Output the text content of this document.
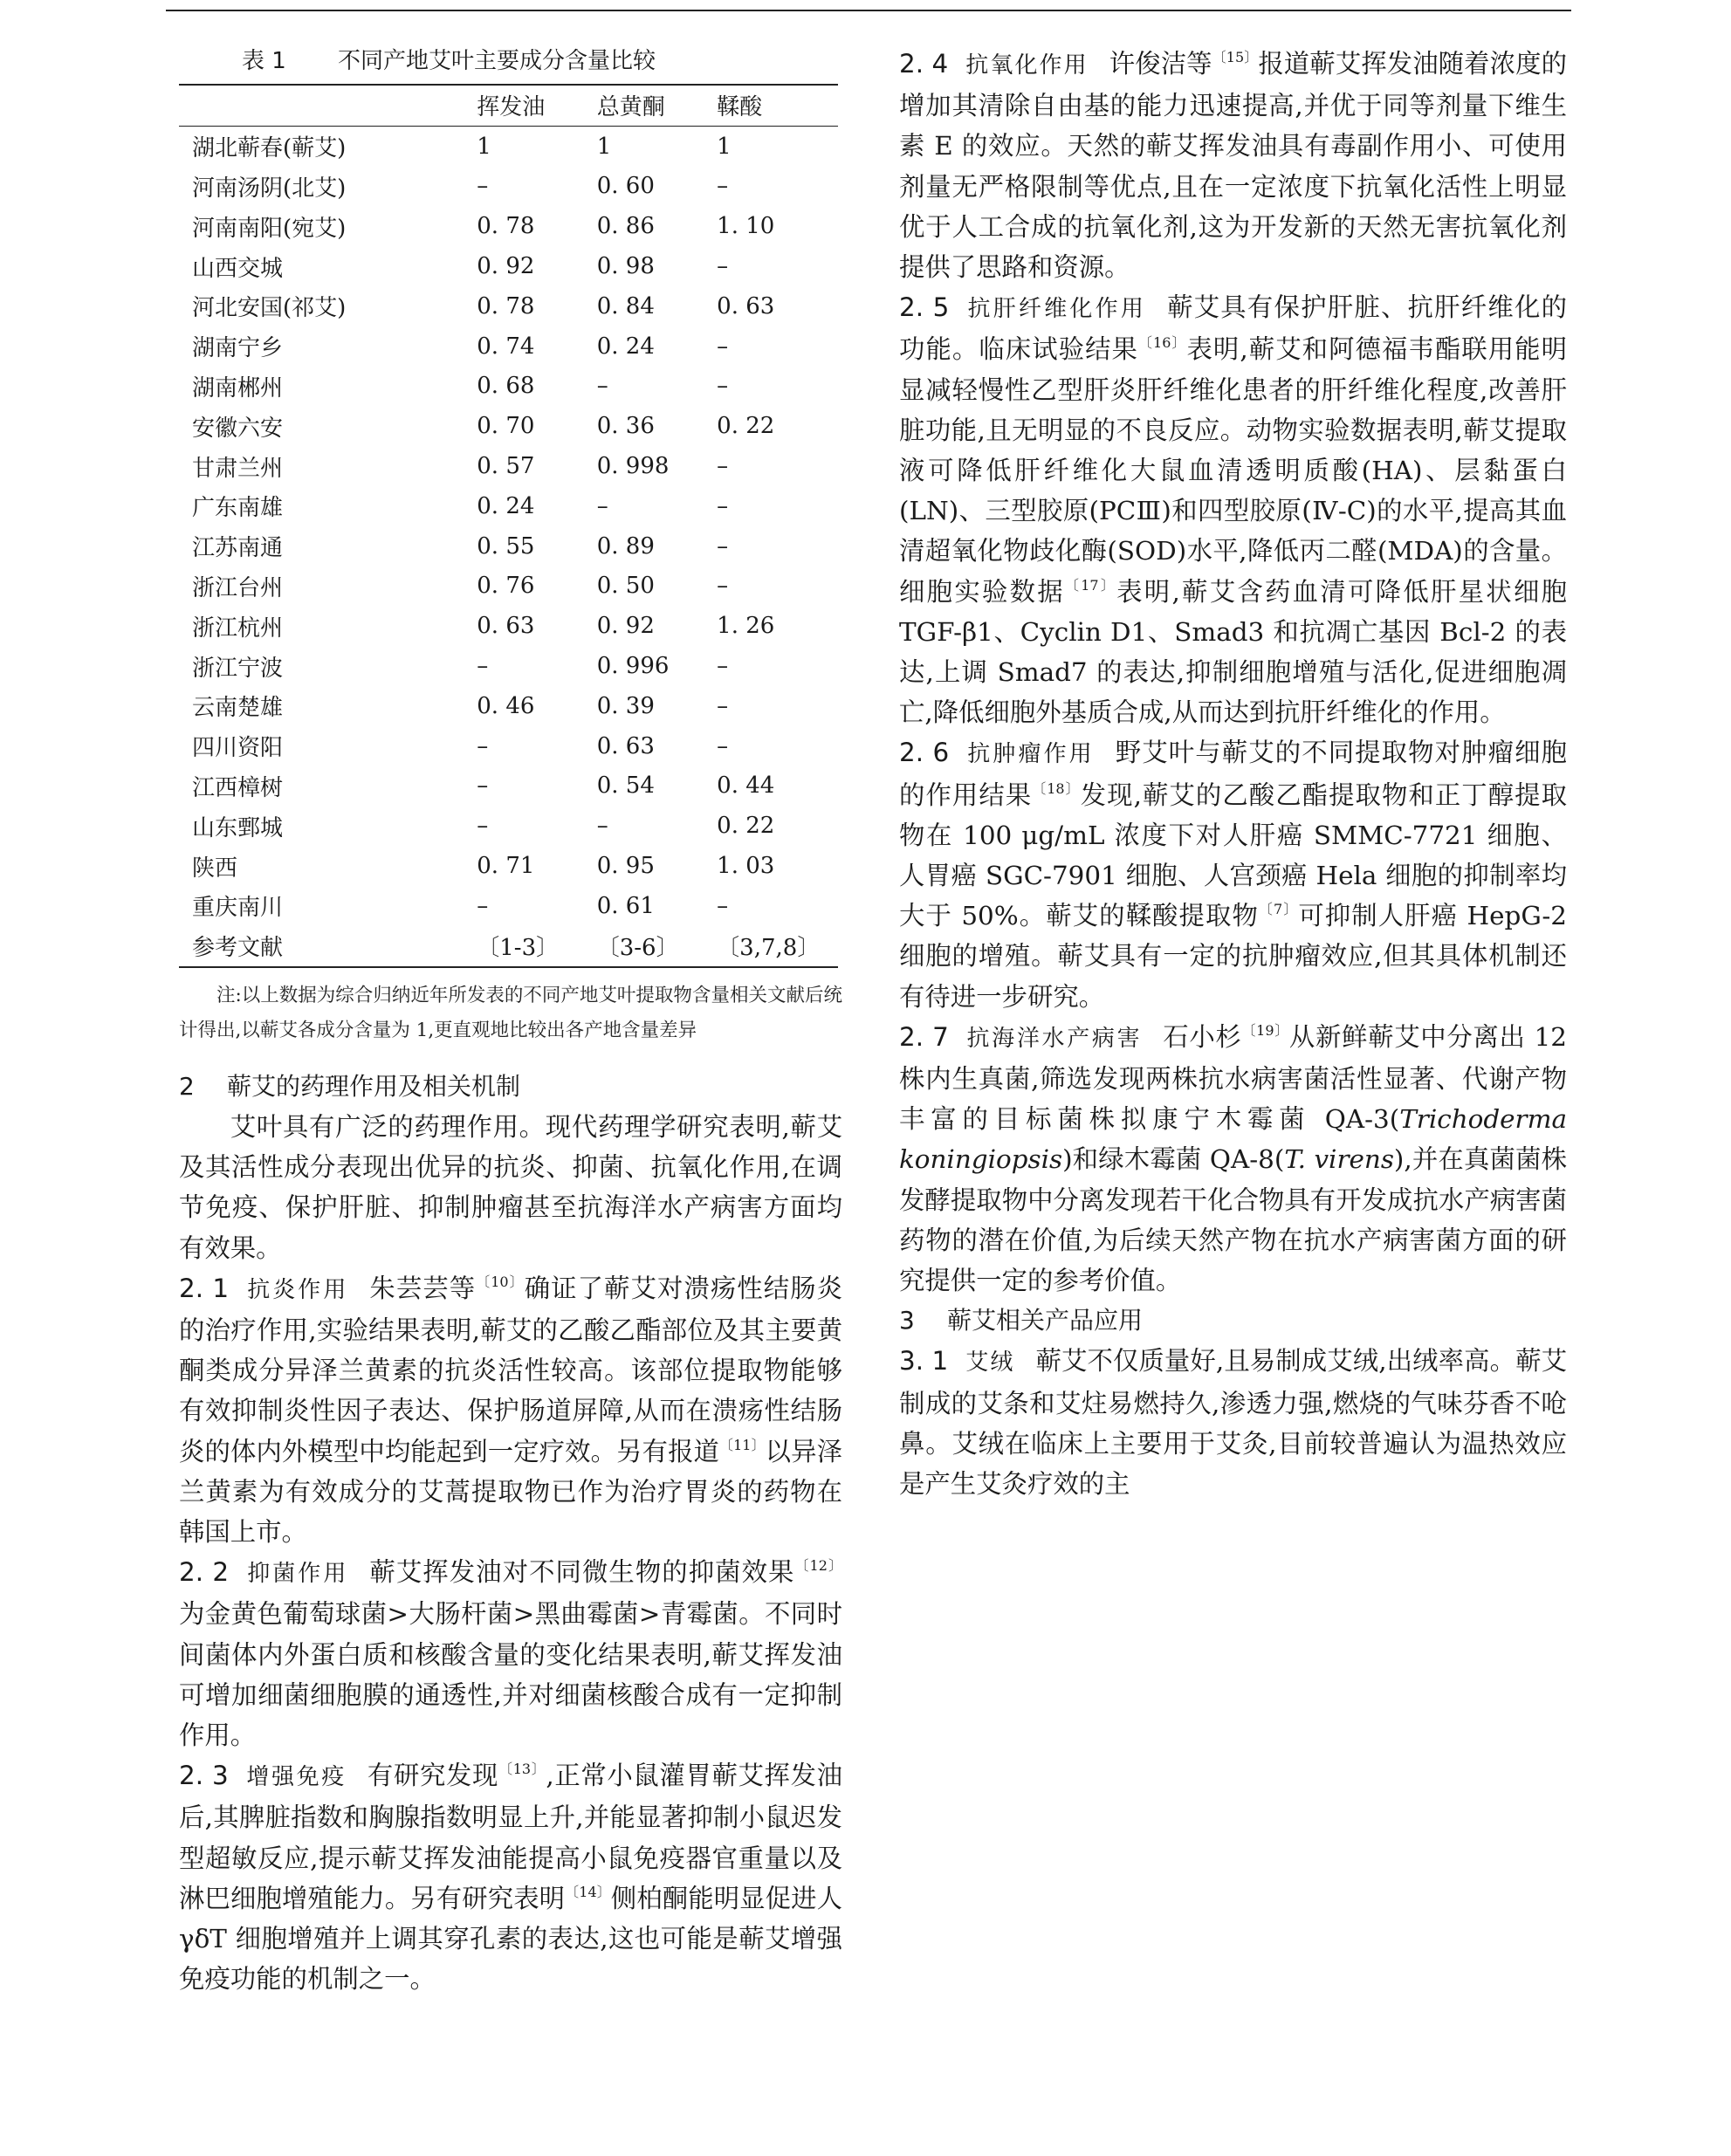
表 1 不同产地艾叶主要成分含量比较
	挥发油	总黄酮	鞣酸
湖北蕲春(蕲艾)	1	1	1
河南汤阴(北艾)	–	0. 60	–
河南南阳(宛艾)	0. 78	0. 86	1. 10
山西交城	0. 92	0. 98	–
河北安国(祁艾)	0. 78	0. 84	0. 63
湖南宁乡	0. 74	0. 24	–
湖南郴州	0. 68	–	–
安徽六安	0. 70	0. 36	0. 22
甘肃兰州	0. 57	0. 998	–
广东南雄	0. 24	–	–
江苏南通	0. 55	0. 89	–
浙江台州	0. 76	0. 50	–
浙江杭州	0. 63	0. 92	1. 26
浙江宁波	–	0. 996	–
云南楚雄	0. 46	0. 39	–
四川资阳	–	0. 63	–
江西樟树	–	0. 54	0. 44
山东鄄城	–	–	0. 22
陕西	0. 71	0. 95	1. 03
重庆南川	–	0. 61	–
参考文献	〔1-3〕	〔3-6〕	〔3,7,8〕

注:以上数据为综合归纳近年所发表的不同产地艾叶提取物含量相关文献后统计得出,以蕲艾各成分含量为 1,更直观地比较出各产地含量差异

2 蕲艾的药理作用及相关机制

艾叶具有广泛的药理作用。现代药理学研究表明,蕲艾及其活性成分表现出优异的抗炎、抑菌、抗氧化作用,在调节免疫、保护肝脏、抑制肿瘤甚至抗海洋水产病害方面均有效果。

2. 1 抗炎作用 朱芸芸等$^{〔10〕}$确证了蕲艾对溃疡性结肠炎的治疗作用,实验结果表明,蕲艾的乙酸乙酯部位及其主要黄酮类成分异泽兰黄素的抗炎活性较高。该部位提取物能够有效抑制炎性因子表达、保护肠道屏障,从而在溃疡性结肠炎的体内外模型中均能起到一定疗效。另有报道$^{〔11〕}$以异泽兰黄素为有效成分的艾蒿提取物已作为治疗胃炎的药物在韩国上市。

2. 2 抑菌作用 蕲艾挥发油对不同微生物的抑菌效果$^{〔12〕}$为金黄色葡萄球菌>大肠杆菌>黑曲霉菌>青霉菌。不同时间菌体内外蛋白质和核酸含量的变化结果表明,蕲艾挥发油可增加细菌细胞膜的通透性,并对细菌核酸合成有一定抑制作用。

2. 3 增强免疫 有研究发现$^{〔13〕}$,正常小鼠灌胃蕲艾挥发油后,其脾脏指数和胸腺指数明显上升,并能显著抑制小鼠迟发型超敏反应,提示蕲艾挥发油能提高小鼠免疫器官重量以及淋巴细胞增殖能力。另有研究表明$^{〔14〕}$侧柏酮能明显促进人 γδT 细胞增殖并上调其穿孔素的表达,这也可能是蕲艾增强免疫功能的机制之一。

2. 4 抗氧化作用 许俊洁等$^{〔15〕}$报道蕲艾挥发油随着浓度的增加其清除自由基的能力迅速提高,并优于同等剂量下维生素 E 的效应。天然的蕲艾挥发油具有毒副作用小、可使用剂量无严格限制等优点,且在一定浓度下抗氧化活性上明显优于人工合成的抗氧化剂,这为开发新的天然无害抗氧化剂提供了思路和资源。

2. 5 抗肝纤维化作用 蕲艾具有保护肝脏、抗肝纤维化的功能。临床试验结果$^{〔16〕}$表明,蕲艾和阿德福韦酯联用能明显减轻慢性乙型肝炎肝纤维化患者的肝纤维化程度,改善肝脏功能,且无明显的不良反应。动物实验数据表明,蕲艾提取液可降低肝纤维化大鼠血清透明质酸(HA)、层黏蛋白(LN)、三型胶原(PCⅢ)和四型胶原(Ⅳ-C)的水平,提高其血清超氧化物歧化酶(SOD)水平,降低丙二醛(MDA)的含量。细胞实验数据$^{〔17〕}$表明,蕲艾含药血清可降低肝星状细胞 TGF-β1、Cyclin D1、Smad3 和抗凋亡基因 Bcl-2 的表达,上调 Smad7 的表达,抑制细胞增殖与活化,促进细胞凋亡,降低细胞外基质合成,从而达到抗肝纤维化的作用。

2. 6 抗肿瘤作用 野艾叶与蕲艾的不同提取物对肿瘤细胞的作用结果$^{〔18〕}$发现,蕲艾的乙酸乙酯提取物和正丁醇提取物在 100 μg/mL 浓度下对人肝癌 SMMC-7721 细胞、人胃癌 SGC-7901 细胞、人宫颈癌 Hela 细胞的抑制率均大于 50%。蕲艾的鞣酸提取物$^{〔7〕}$可抑制人肝癌 HepG-2 细胞的增殖。蕲艾具有一定的抗肿瘤效应,但其具体机制还有待进一步研究。

2. 7 抗海洋水产病害 石小杉$^{〔19〕}$从新鲜蕲艾中分离出 12 株内生真菌,筛选发现两株抗水病害菌活性显著、代谢产物丰富的目标菌株拟康宁木霉菌 QA-3(Trichoderma koningiopsis)和绿木霉菌 QA-8(T. virens),并在真菌菌株发酵提取物中分离发现若干化合物具有开发成抗水产病害菌药物的潜在价值,为后续天然产物在抗水产病害菌方面的研究提供一定的参考价值。

3 蕲艾相关产品应用

3. 1 艾绒 蕲艾不仅质量好,且易制成艾绒,出绒率高。蕲艾制成的艾条和艾炷易燃持久,渗透力强,燃烧的气味芬香不呛鼻。艾绒在临床上主要用于艾灸,目前较普遍认为温热效应是产生艾灸疗效的主
